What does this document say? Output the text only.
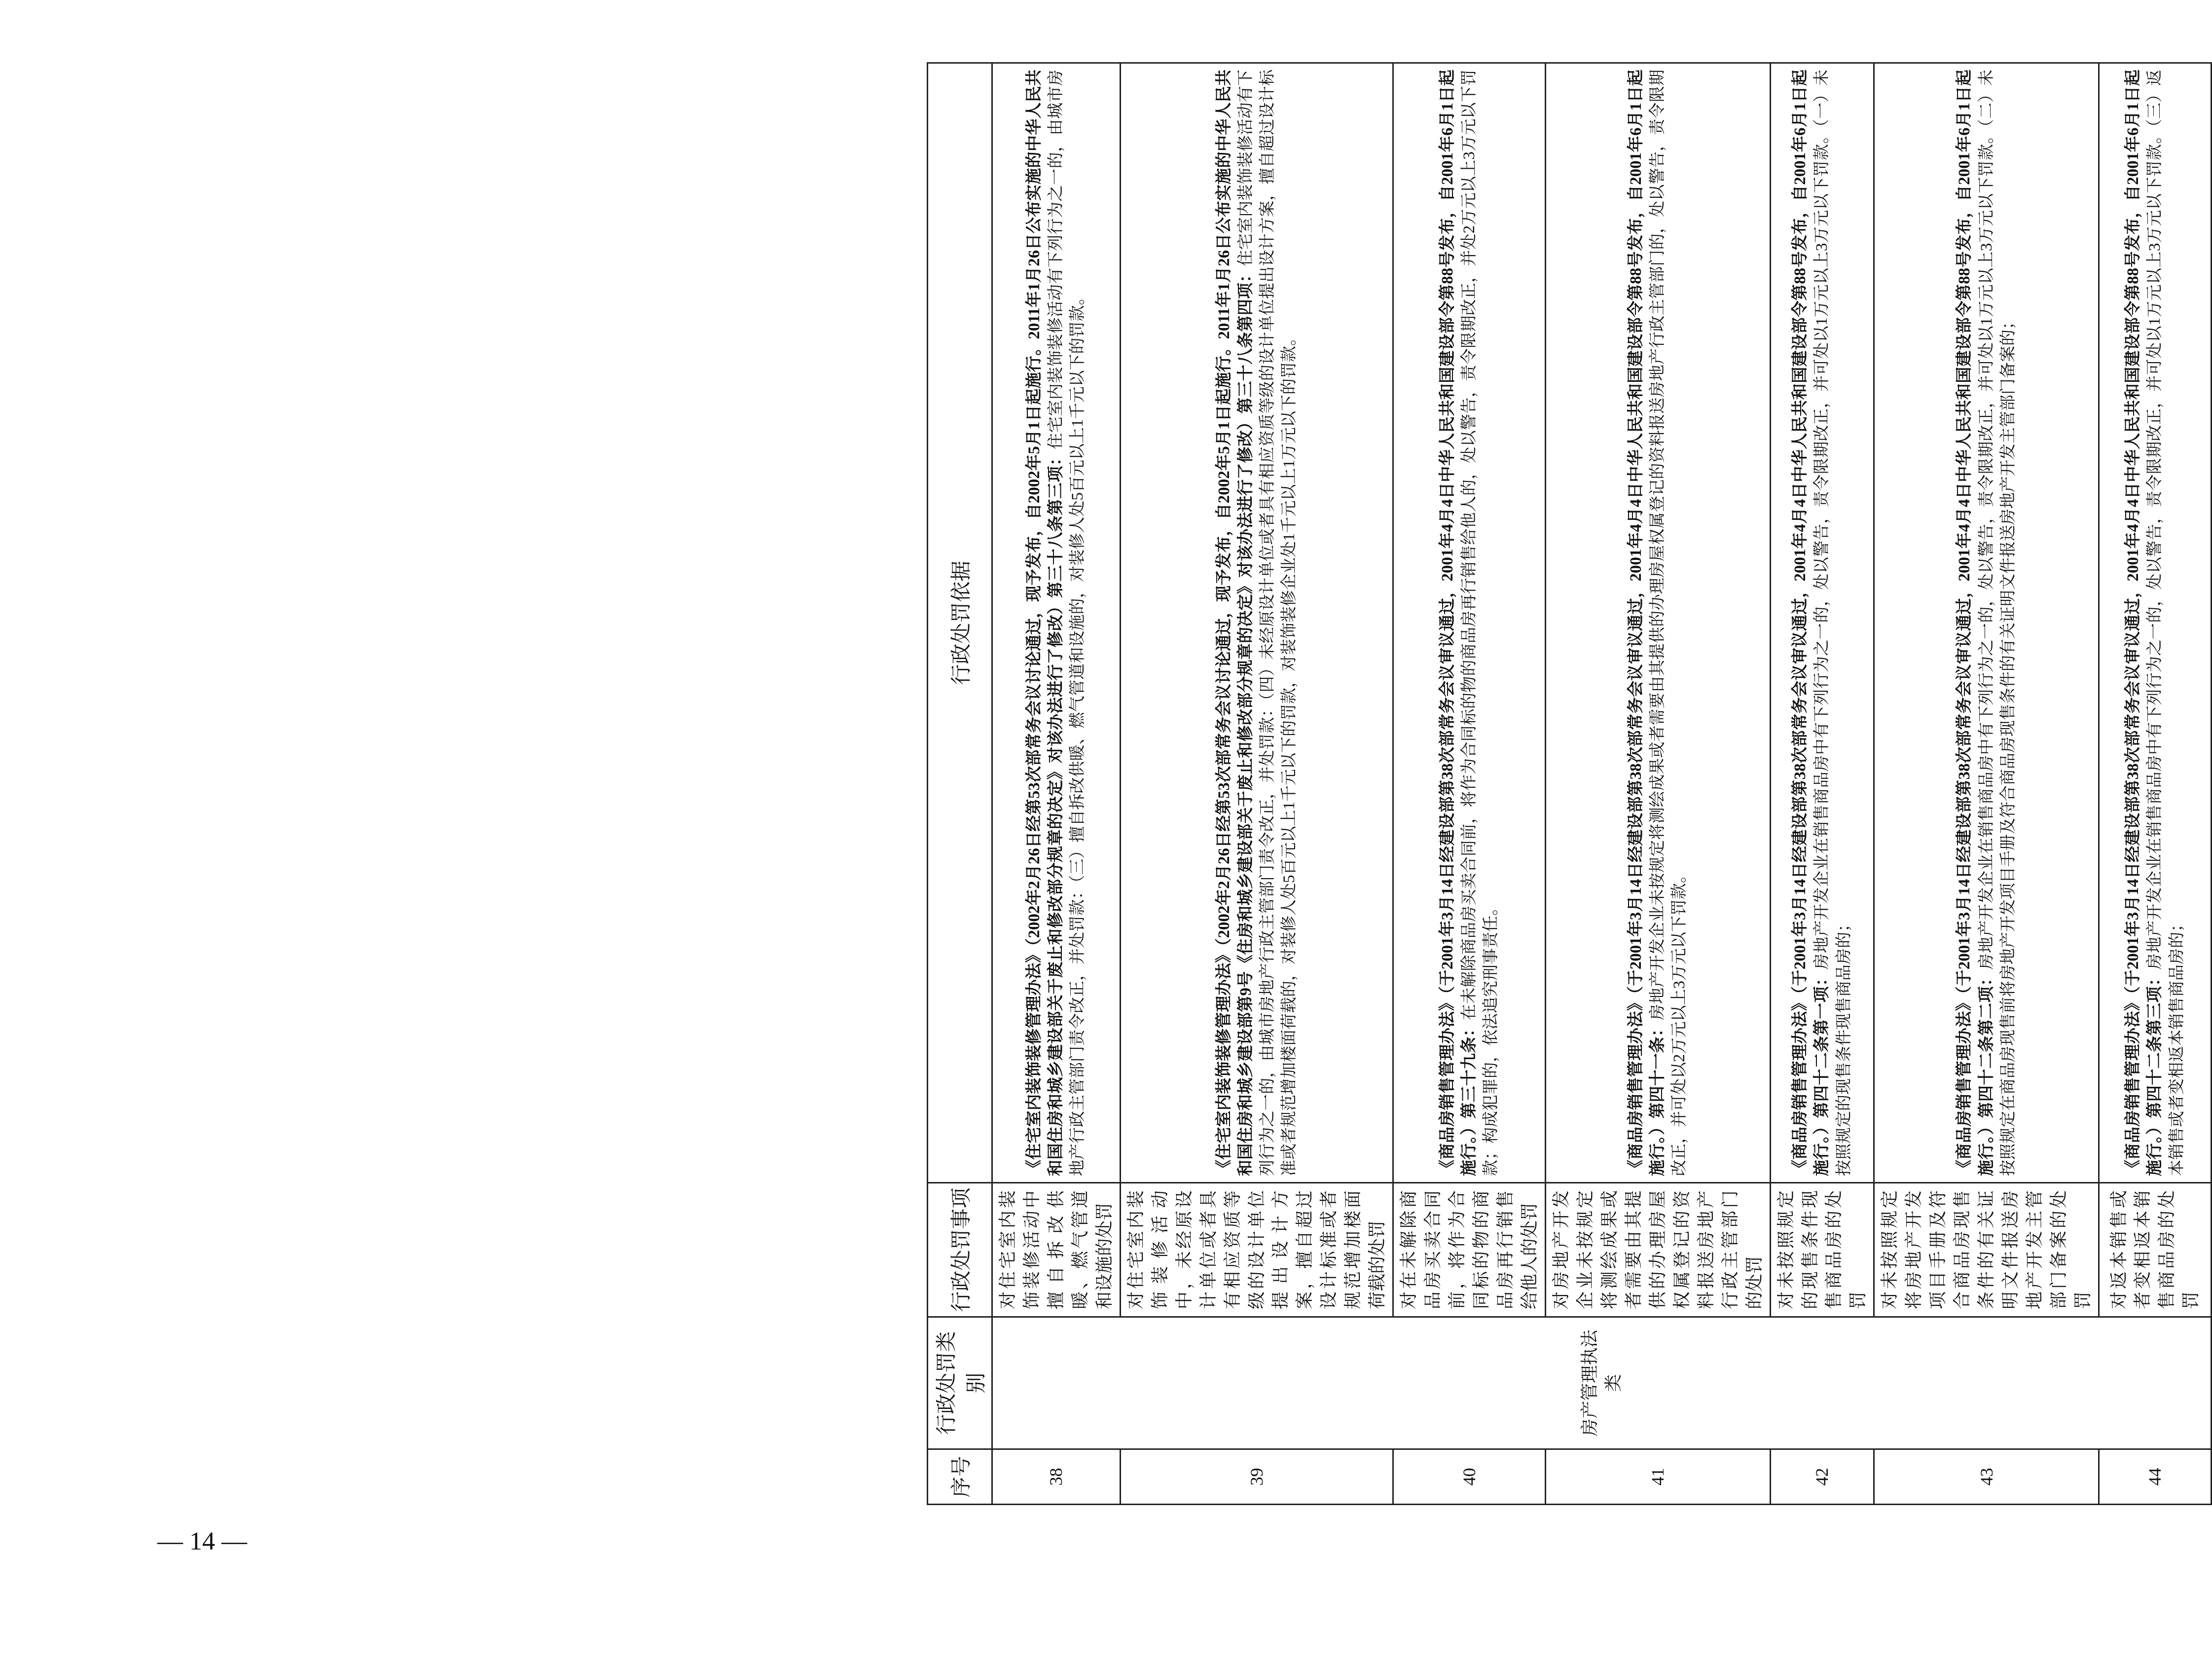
— 14 —
序号	行政处罚类别	行政处罚事项	行政处罚依据
38	房产管理执法类	对住宅室内装饰装修活动中擅自拆改供暖、燃气管道和设施的处罚	《住宅室内装饰装修管理办法》（2002年2月26日经第53次部常务会议讨论通过，现予发布，自2002年5月1日起施行。2011年1月26日公布实施的中华人民共和国住房和城乡建设部关于废止和修改部分规章的决定》对该办法进行了修改）第三十八条第三项：住宅室内装饰装修活动有下列行为之一的，由城市房地产行政主管部门责令改正，并处罚款：（三）擅自拆改供暖、燃气管道和设施的，对装修人处5百元以上1千元以下的罚款。
39		对住宅室内装饰装修活动中，未经原设计单位或者具有相应资质等级的设计单位提出设计方案，擅自超过设计标准或者规范增加楼面荷载的处罚	《住宅室内装饰装修管理办法》（2002年2月26日经第53次部常务会议讨论通过，现予发布，自2002年5月1日起施行。2011年1月26日公布实施的中华人民共和国住房和城乡建设部第9号《住房和城乡建设部关于废止和修改部分规章的决定》对该办法进行了修改）第三十八条第四项：住宅室内装饰装修活动有下列行为之一的，由城市房地产行政主管部门责令改正，并处罚款：（四）未经原设计单位或者具有相应资质等级的设计单位提出设计方案，擅自超过设计标准或者规范增加楼面荷载的，对装修人处5百元以上1千元以下的罚款，对装饰装修企业处1千元以上1万元以下的罚款。
40		对在未解除商品房买卖合同前，将作为合同标的物的商品房再行销售给他人的处罚	《商品房销售管理办法》（于2001年3月14日经建设部第38次部常务会议审议通过，2001年4月4日中华人民共和国建设部令第88号发布，自2001年6月1日起施行。）第三十九条：在未解除商品房买卖合同前，将作为合同标的物的商品房再行销售给他人的，处以警告，责令限期改正，并处2万元以上3万元以下罚款；构成犯罪的，依法追究刑事责任。
41		对房地产开发企业未按规定将测绘成果或者需要由其提供的办理房屋权属登记的资料报送房地产行政主管部门的处罚	《商品房销售管理办法》（于2001年3月14日经建设部第38次部常务会议审议通过，2001年4月4日中华人民共和国建设部令第88号发布，自2001年6月1日起施行。）第四十一条：房地产开发企业未按规定将测绘成果或者需要由其提供的办理房屋权属登记的资料报送房地产行政主管部门的，处以警告，责令限期改正，并可处以2万元以上3万元以下罚款。
42		对未按照规定的现售条件现售商品房的处罚	《商品房销售管理办法》（于2001年3月14日经建设部第38次部常务会议审议通过，2001年4月4日中华人民共和国建设部令第88号发布，自2001年6月1日起施行。）第四十二条第一项：房地产开发企业在销售商品房中有下列行为之一的，处以警告，责令限期改正，并可处以1万元以上3万元以下罚款。（一）未按照规定的现售条件现售商品房的；
43		对未按照规定将房地产开发项目手册及符合商品房现售条件的有关证明文件报送房地产开发主管部门备案的处罚	《商品房销售管理办法》（于2001年3月14日经建设部第38次部常务会议审议通过，2001年4月4日中华人民共和国建设部令第88号发布，自2001年6月1日起施行。）第四十二条第二项：房地产开发企业在销售商品房中有下列行为之一的，处以警告，责令限期改正，并可处以1万元以上3万元以下罚款。（二）未按照规定在商品房现售前将房地产开发项目手册及符合商品房现售条件的有关证明文件报送房地产开发主管部门备案的；
44		对返本销售或者变相返本销售商品房的处罚	《商品房销售管理办法》（于2001年3月14日经建设部第38次部常务会议审议通过，2001年4月4日中华人民共和国建设部令第88号发布，自2001年6月1日起施行。）第四十二条第三项：房地产开发企业在销售商品房中有下列行为之一的，处以警告，责令限期改正，并可处以1万元以上3万元以下罚款。（三）返本销售或者变相返本销售商品房的；
